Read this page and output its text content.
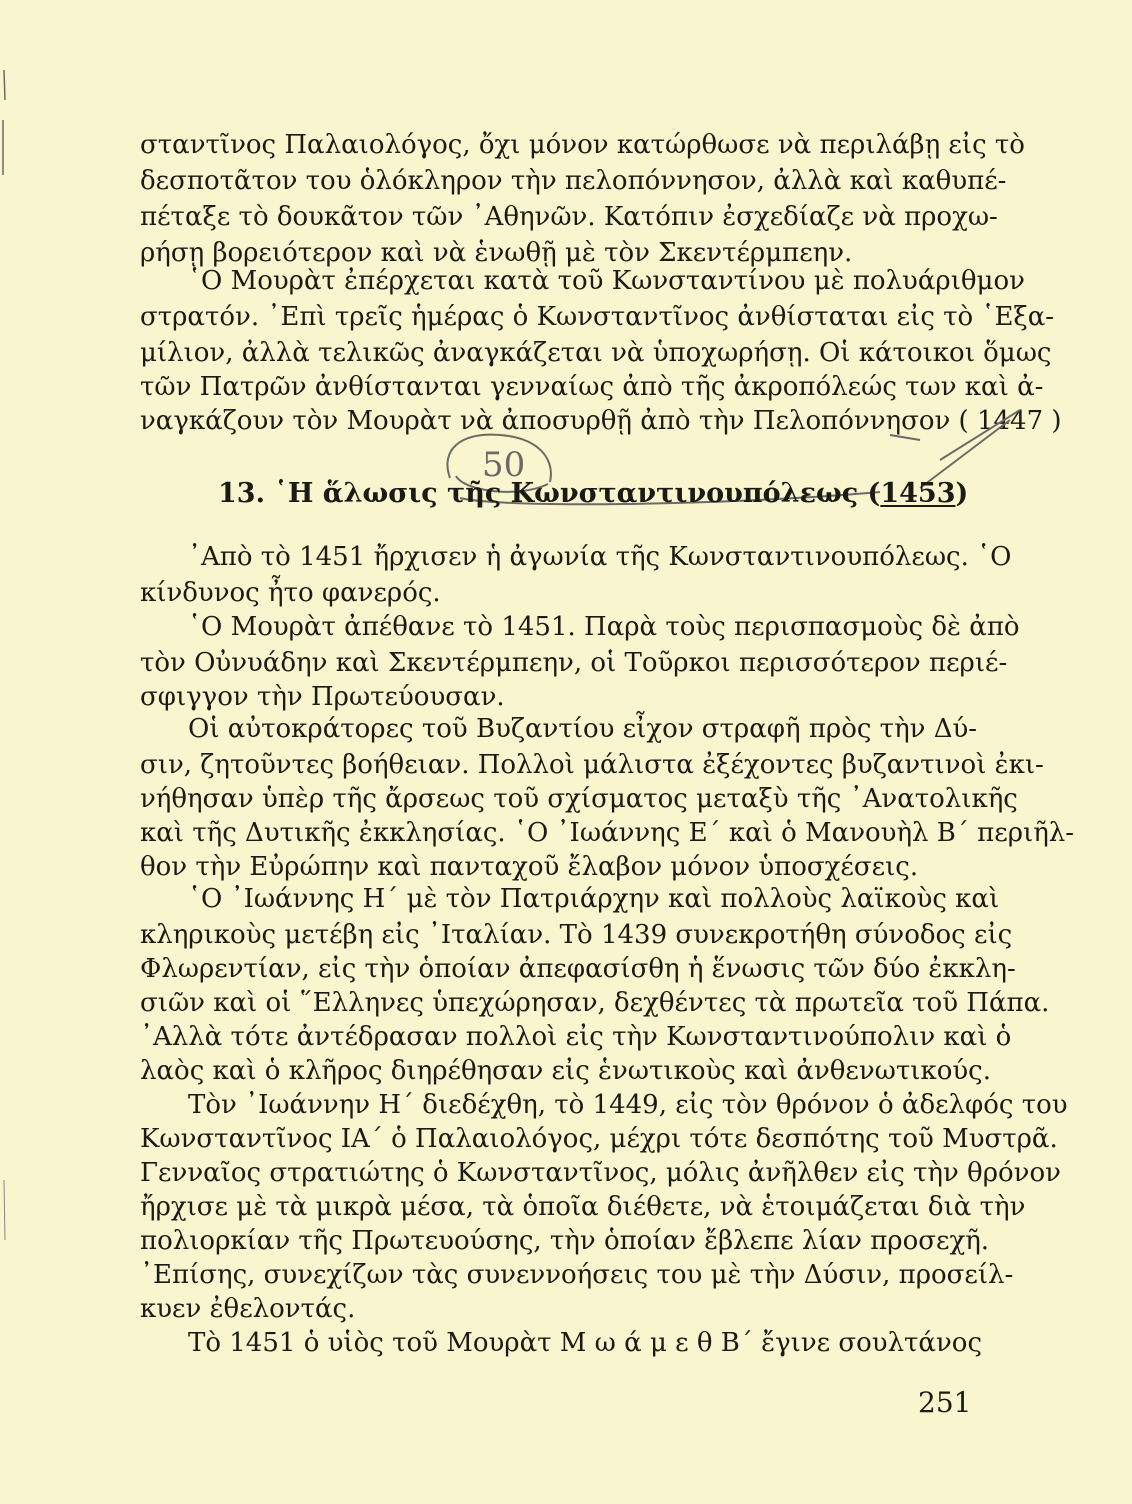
σταντῖνος Παλαιολόγος, ὄχι μόνον κατώρθωσε νὰ περιλάβῃ εἰς τὸ
δεσποτᾶτον του ὁλόκληρον τὴν πελοπόννησον, ἀλλὰ καὶ καθυπέ-
πέταξε τὸ δουκᾶτον τῶν ᾿Αθηνῶν. Κατόπιν ἐσχεδίαζε νὰ προχω-
ρήσῃ βορειότερον καὶ νὰ ἑνωθῇ μὲ τὸν Σκεντέρμπεην.
῾Ο Μουρὰτ ἐπέρχεται κατὰ τοῦ Κωνσταντίνου μὲ πολυάριθμον
στρατόν. ᾿Επὶ τρεῖς ἡμέρας ὁ Κωνσταντῖνος ἀνθίσταται εἰς τὸ ῾Εξα-
μίλιον, ἀλλὰ τελικῶς ἀναγκάζεται νὰ ὑποχωρήσῃ. Οἱ κάτοικοι ὅμως
τῶν Πατρῶν ἀνθίστανται γενναίως ἀπὸ τῆς ἀκροπόλεώς των καὶ ἀ-
ναγκάζουν τὸν Μουρὰτ νὰ ἀποσυρθῇ ἀπὸ τὴν Πελοπόννησον ( 1447 )
50
13. ῾Η ἅλωσις τῆς Κωνσταντινουπόλεως (1453)
᾿Απὸ τὸ 1451 ἤρχισεν ἡ ἀγωνία τῆς Κωνσταντινουπόλεως. ῾Ο
κίνδυνος ἦτο φανερός.
῾Ο Μουρὰτ ἀπέθανε τὸ 1451. Παρὰ τοὺς περισπασμοὺς δὲ ἀπὸ
τὸν Οὐνυάδην καὶ Σκεντέρμπεην, οἱ Τοῦρκοι περισσότερον περιέ-
σφιγγον τὴν Πρωτεύουσαν.
Οἱ αὐτοκράτορες τοῦ Βυζαντίου εἶχον στραφῆ πρὸς τὴν Δύ-
σιν, ζητοῦντες βοήθειαν. Πολλοὶ μάλιστα ἐξέχοντες βυζαντινοὶ ἐκι-
νήθησαν ὑπὲρ τῆς ἄρσεως τοῦ σχίσματος μεταξὺ τῆς ᾿Ανατολικῆς
καὶ τῆς Δυτικῆς ἐκκλησίας. ῾Ο ᾿Ιωάννης Ε΄ καὶ ὁ Μανουὴλ Β΄ περιῆλ-
θον τὴν Εὐρώπην καὶ πανταχοῦ ἔλαβον μόνον ὑποσχέσεις.
῾Ο ᾿Ιωάννης Η΄ μὲ τὸν Πατριάρχην καὶ πολλοὺς λαϊκοὺς καὶ
κληρικοὺς μετέβη εἰς ᾿Ιταλίαν. Τὸ 1439 συνεκροτήθη σύνοδος εἰς
Φλωρεντίαν, εἰς τὴν ὁποίαν ἀπεφασίσθη ἡ ἕνωσις τῶν δύο ἐκκλη-
σιῶν καὶ οἱ ῞Ελληνες ὑπεχώρησαν, δεχθέντες τὰ πρωτεῖα τοῦ Πάπα.
᾿Αλλὰ τότε ἀντέδρασαν πολλοὶ εἰς τὴν Κωνσταντινούπολιν καὶ ὁ
λαὸς καὶ ὁ κλῆρος διηρέθησαν εἰς ἑνωτικοὺς καὶ ἀνθενωτικούς.
Τὸν ᾿Ιωάννην Η΄ διεδέχθη, τὸ 1449, εἰς τὸν θρόνον ὁ ἀδελφός του
Κωνσταντῖνος ΙΑ΄ ὁ Παλαιολόγος, μέχρι τότε δεσπότης τοῦ Μυστρᾶ.
Γενναῖος στρατιώτης ὁ Κωνσταντῖνος, μόλις ἀνῆλθεν εἰς τὴν θρόνον
ἤρχισε μὲ τὰ μικρὰ μέσα, τὰ ὁποῖα διέθετε, νὰ ἑτοιμάζεται διὰ τὴν
πολιορκίαν τῆς Πρωτευούσης, τὴν ὁποίαν ἔβλεπε λίαν προσεχῆ.
᾿Επίσης, συνεχίζων τὰς συνεννοήσεις του μὲ τὴν Δύσιν, προσείλ-
κυεν ἐθελοντάς.
Τὸ 1451 ὁ υἱὸς τοῦ Μουρὰτ Μ ω ά μ ε θ Β΄ ἔγινε σουλτάνος
251
